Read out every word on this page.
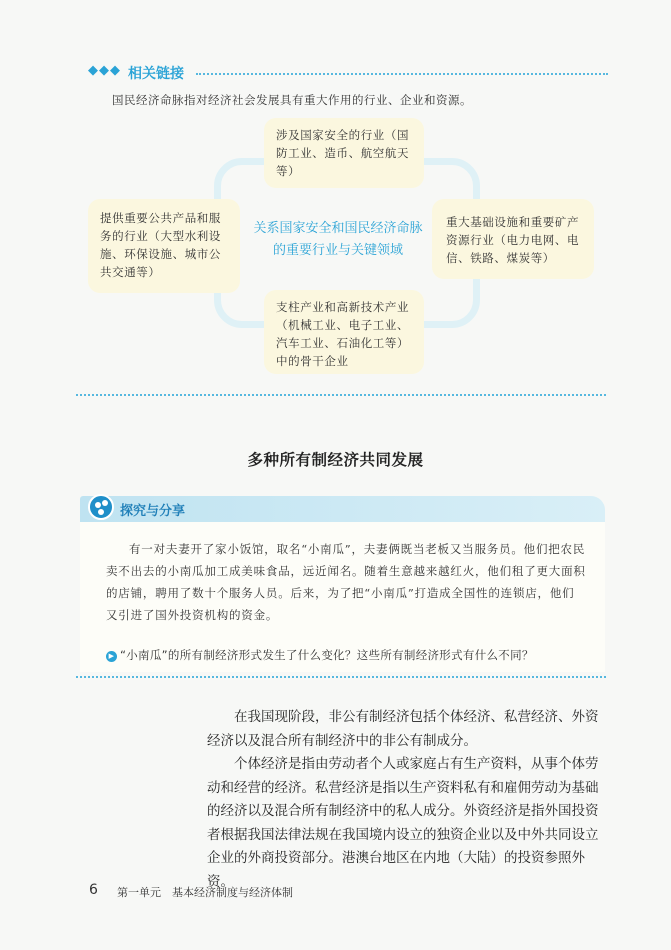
◆◆◆ 相关链接
国民经济命脉指对经济社会发展具有重大作用的行业、企业和资源。
涉及国家安全的行业（国防工业、造币、航空航天等）
提供重要公共产品和服务的行业（大型水利设施、环保设施、城市公共交通等）
重大基础设施和重要矿产资源行业（电力电网、电信、铁路、煤炭等）
支柱产业和高新技术产业（机械工业、电子工业、汽车工业、石油化工等）中的骨干企业
关系国家安全和国民经济命脉的重要行业与关键领域
多种所有制经济共同发展
探究与分享

有一对夫妻开了家小饭馆，取名“小南瓜”，夫妻俩既当老板又当服务员。他们把农民卖不出去的小南瓜加工成美味食品，远近闻名。随着生意越来越红火，他们租了更大面积的店铺，聘用了数十个服务人员。后来，为了把“小南瓜”打造成全国性的连锁店，他们又引进了国外投资机构的资金。

▶ “小南瓜”的所有制经济形式发生了什么变化？这些所有制经济形式有什么不同？

在我国现阶段，非公有制经济包括个体经济、私营经济、外资经济以及混合所有制经济中的非公有制成分。

个体经济是指由劳动者个人或家庭占有生产资料，从事个体劳动和经营的经济。私营经济是指以生产资料私有和雇佣劳动为基础的经济以及混合所有制经济中的私人成分。外资经济是指外国投资者根据我国法律法规在我国境内设立的独资企业以及中外共同设立企业的外商投资部分。港澳台地区在内地（大陆）的投资参照外资。

6 第一单元　基本经济制度与经济体制
